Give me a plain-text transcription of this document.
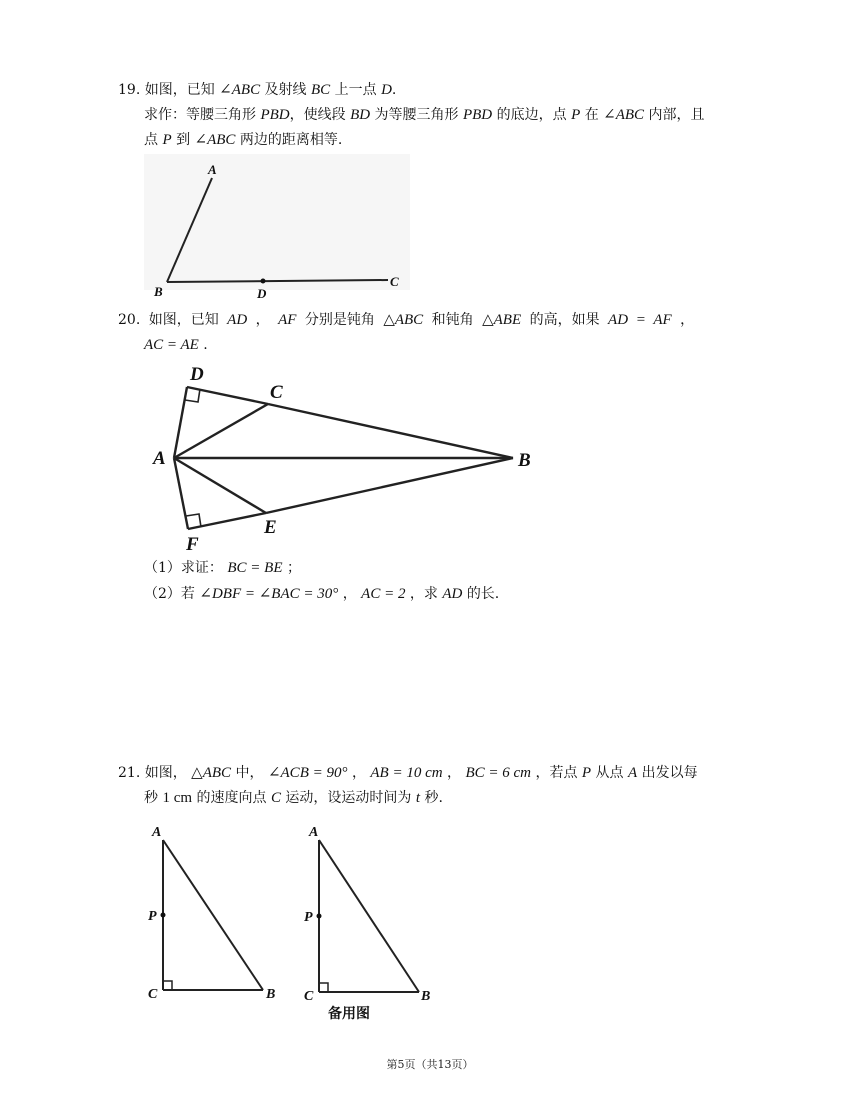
19. 如图，已知 ∠ABC 及射线 BC 上一点 D.
求作：等腰三角形 PBD，使线段 BD 为等腰三角形 PBD 的底边，点 P 在 ∠ABC 内部，且
点 P 到 ∠ABC 两边的距离相等.
A
B	D
C
20. 如图，已知 AD ， AF 分别是钝角 △ABC 和钝角 △ABE 的高，如果 AD = AF ，
AC = AE .
D
C
A	B
E
F
（1）求证： BC = BE ；
（2）若 ∠DBF = ∠BAC = 30° ， AC = 2 ，求 AD 的长.
21. 如图， △ABC 中， ∠ACB = 90° ， AB = 10 cm ， BC = 6 cm ，若点 P 从点 A 出发以每
秒 1 cm 的速度向点 C 运动，设运动时间为 t 秒.
A
P
C	B
A
P
C	B
备用图
第5页（共13页）
